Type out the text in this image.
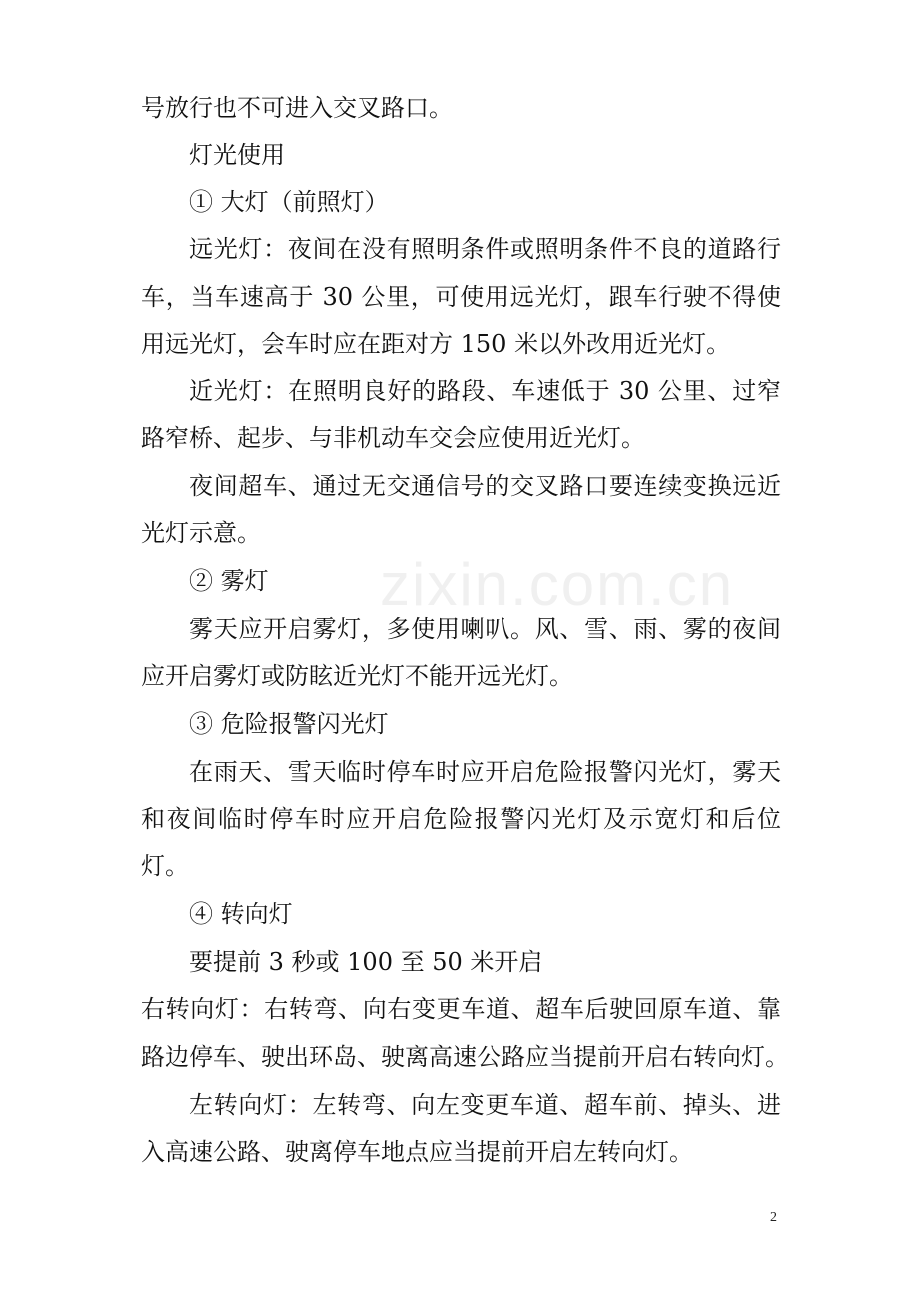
zixin.com.cn
号放行也不可进入交叉路口。
灯光使用
① 大灯（前照灯）
远光灯：夜间在没有照明条件或照明条件不良的道路行
车，当车速高于 30 公里，可使用远光灯，跟车行驶不得使
用远光灯，会车时应在距对方 150 米以外改用近光灯。
近光灯：在照明良好的路段、车速低于 30 公里、过窄
路窄桥、起步、与非机动车交会应使用近光灯。
夜间超车、通过无交通信号的交叉路口要连续变换远近
光灯示意。
② 雾灯
雾天应开启雾灯，多使用喇叭。风、雪、雨、雾的夜间
应开启雾灯或防眩近光灯不能开远光灯。
③ 危险报警闪光灯
在雨天、雪天临时停车时应开启危险报警闪光灯，雾天
和夜间临时停车时应开启危险报警闪光灯及示宽灯和后位
灯。
④ 转向灯
要提前 3 秒或 100 至 50 米开启
右转向灯：右转弯、向右变更车道、超车后驶回原车道、靠
路边停车、驶出环岛、驶离高速公路应当提前开启右转向灯。
左转向灯：左转弯、向左变更车道、超车前、掉头、进
入高速公路、驶离停车地点应当提前开启左转向灯。
2
